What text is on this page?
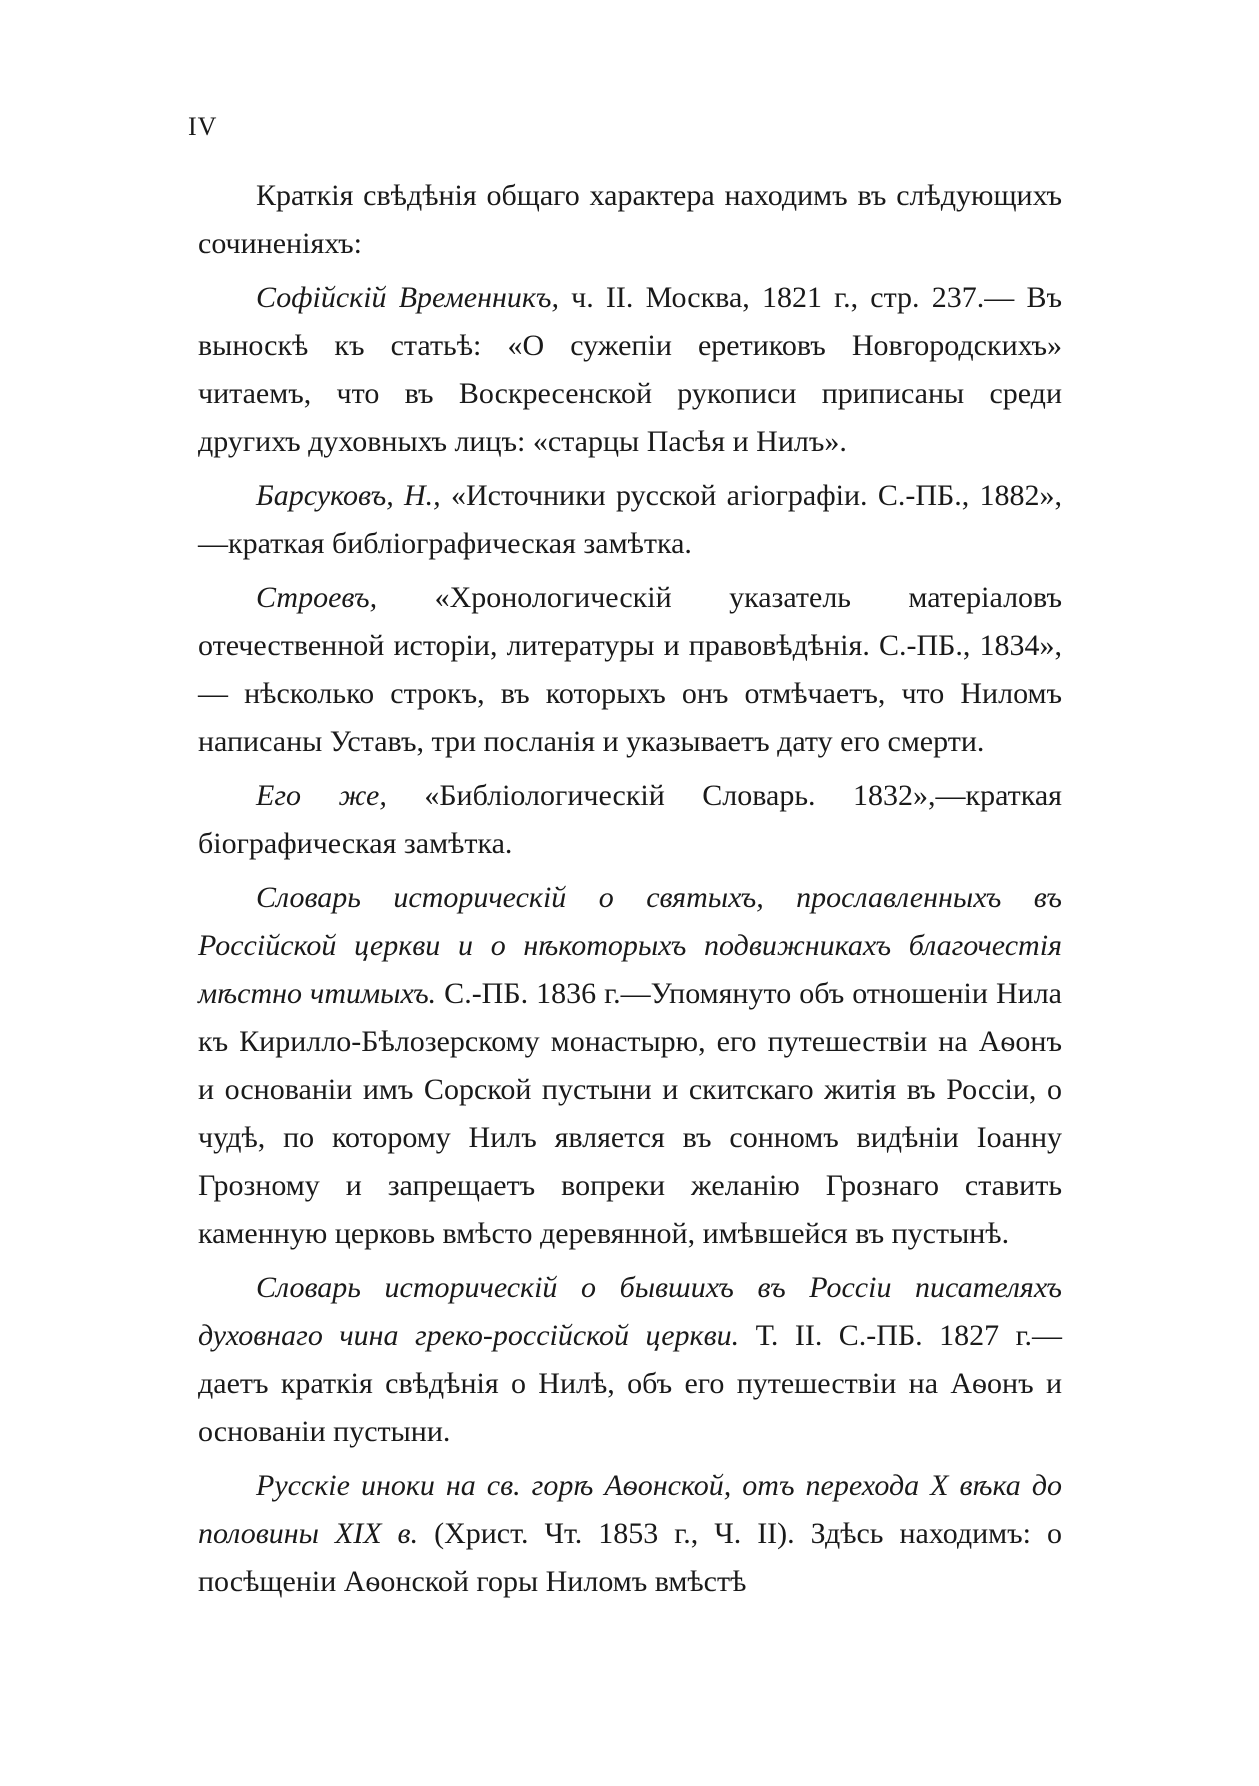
IV

Краткія свѣдѣнія общаго характера находимъ въ слѣдующихъ сочиненіяхъ:

Софійскій Временникъ, ч. II. Москва, 1821 г., стр. 237.— Въ выноскѣ къ статьѣ: «О сужепіи еретиковъ Новгородскихъ» читаемъ, что въ Воскресенской рукописи приписаны среди другихъ духовныхъ лицъ: «старцы Пасѣя и Нилъ».

Барсуковъ, Н., «Источники русской агіографіи. С.-ПБ., 1882»,—краткая библіографическая замѣтка.

Строевъ, «Хронологическій указатель матеріаловъ отечественной исторіи, литературы и правовѣдѣнія. С.-ПБ., 1834»,— нѣсколько строкъ, въ которыхъ онъ отмѣчаетъ, что Ниломъ написаны Уставъ, три посланія и указываетъ дату его смерти.

Его же, «Библіологическій Словарь. 1832»,—краткая біографическая замѣтка.

Словарь историческій о святыхъ, прославленныхъ въ Россійской церкви и о нѣкоторыхъ подвижникахъ благочестія мѣстно чтимыхъ. С.-ПБ. 1836 г.—Упомянуто объ отношеніи Нила къ Кирилло-Бѣлозерскому монастырю, его путешествіи на Аѳонъ и основаніи имъ Сорской пустыни и скитскаго житія въ Россіи, о чудѣ, по которому Нилъ является въ сонномъ видѣніи Іоанну Грозному и запрещаетъ вопреки желанію Грознаго ставить каменную церковь вмѣсто деревянной, имѣвшейся въ пустынѣ.

Словарь историческій о бывшихъ въ Россіи писателяхъ духовнаго чина греко-россійской церкви. Т. II. С.-ПБ. 1827 г.— даетъ краткія свѣдѣнія о Нилѣ, объ его путешествіи на Аѳонъ и основаніи пустыни.

Русскіе иноки на св. горѣ Аѳонской, отъ перехода X вѣка до половины XIX в. (Христ. Чт. 1853 г., Ч. II). Здѣсь находимъ: о посѣщеніи Аѳонской горы Ниломъ вмѣстѣ
